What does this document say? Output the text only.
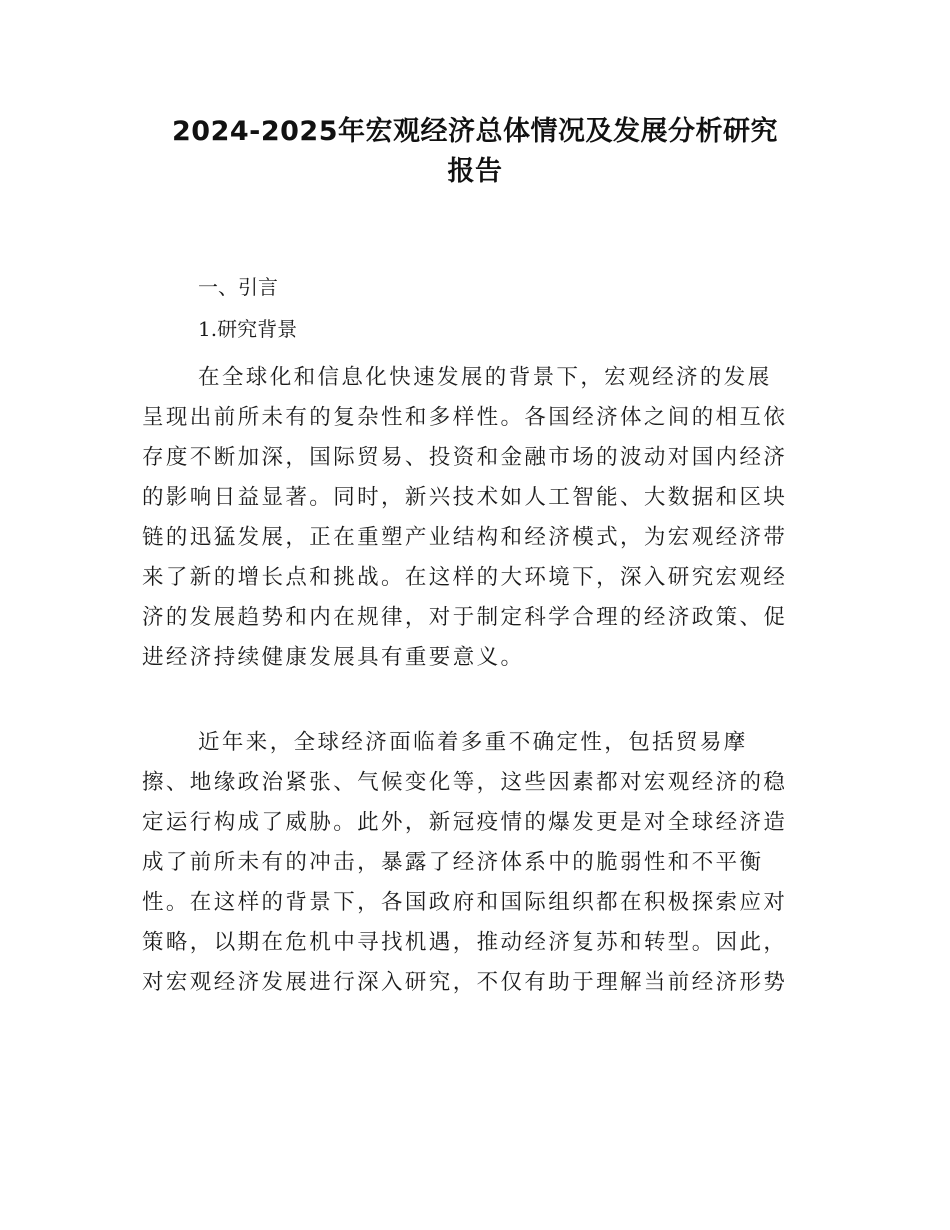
2024-2025年宏观经济总体情况及发展分析研究
报告
一、引言
1.研究背景

在全球化和信息化快速发展的背景下，宏观经济的发展
呈现出前所未有的复杂性和多样性。各国经济体之间的相互依
存度不断加深，国际贸易、投资和金融市场的波动对国内经济
的影响日益显著。同时，新兴技术如人工智能、大数据和区块
链的迅猛发展，正在重塑产业结构和经济模式，为宏观经济带
来了新的增长点和挑战。在这样的大环境下，深入研究宏观经
济的发展趋势和内在规律，对于制定科学合理的经济政策、促
进经济持续健康发展具有重要意义。

近年来，全球经济面临着多重不确定性，包括贸易摩
擦、地缘政治紧张、气候变化等，这些因素都对宏观经济的稳
定运行构成了威胁。此外，新冠疫情的爆发更是对全球经济造
成了前所未有的冲击，暴露了经济体系中的脆弱性和不平衡
性。在这样的背景下，各国政府和国际组织都在积极探索应对
策略，以期在危机中寻找机遇，推动经济复苏和转型。因此，
对宏观经济发展进行深入研究，不仅有助于理解当前经济形势
